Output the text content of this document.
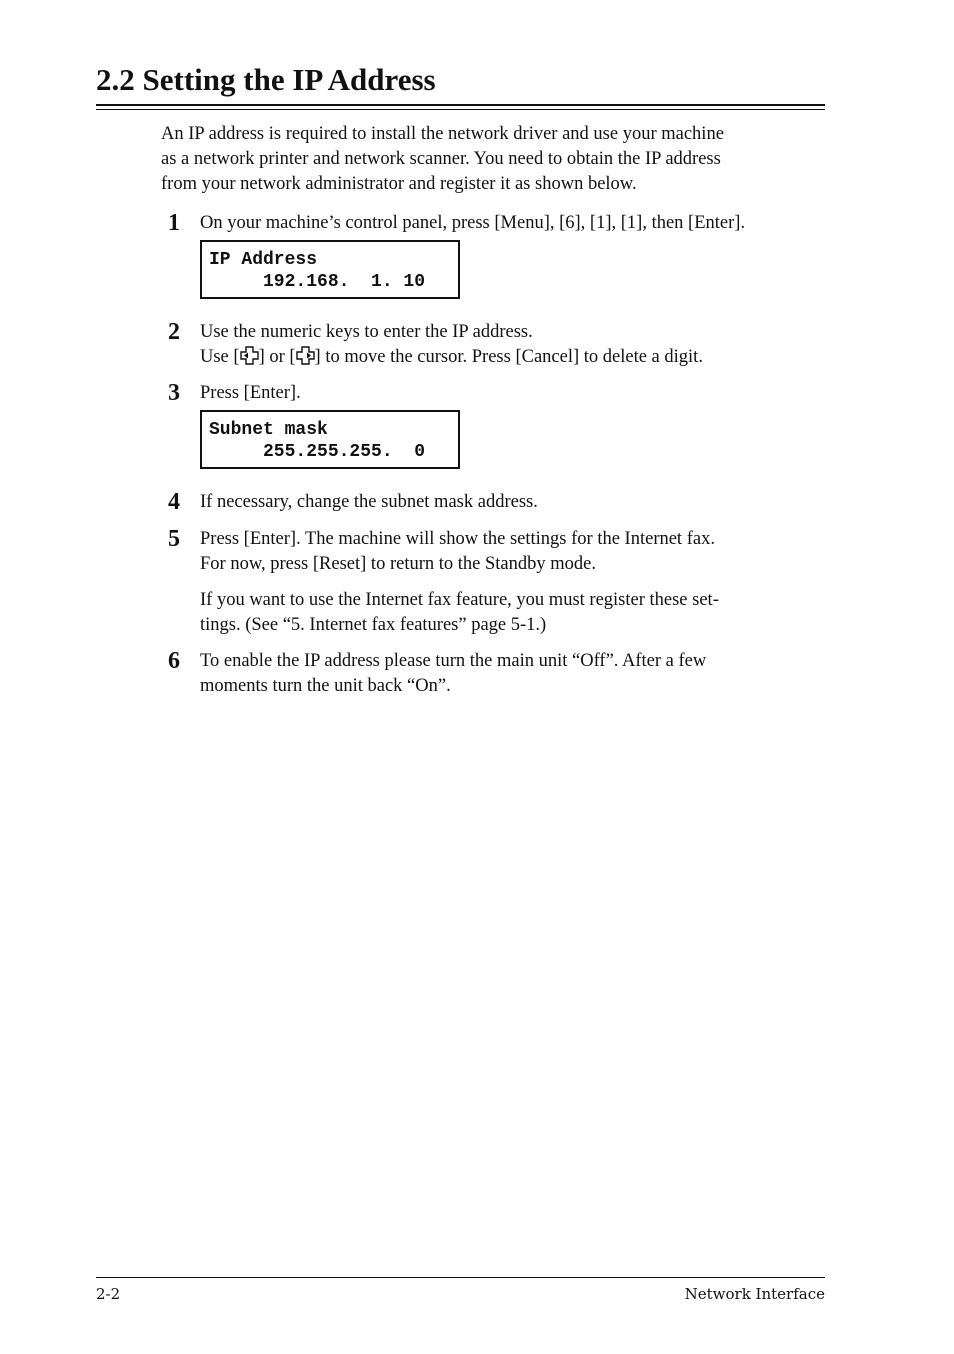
2.2 Setting the IP Address
An IP address is required to install the network driver and use your machine
as a network printer and network scanner. You need to obtain the IP address
from your network administrator and register it as shown below.
1 On your machine’s control panel, press [Menu], [6], [1], [1], then [Enter].
IP Address
192.168.  1. 10
2 Use the numeric keys to enter the IP address.
Use [ ] or [ ] to move the cursor. Press [Cancel] to delete a digit.
3 Press [Enter].
Subnet mask
255.255.255.  0
4 If necessary, change the subnet mask address.
5 Press [Enter]. The machine will show the settings for the Internet fax.
For now, press [Reset] to return to the Standby mode.
If you want to use the Internet fax feature, you must register these set-
tings. (See “5. Internet fax features” page 5-1.)
6 To enable the IP address please turn the main unit “Off”. After a few
moments turn the unit back “On”.
2-2	Network Interface
